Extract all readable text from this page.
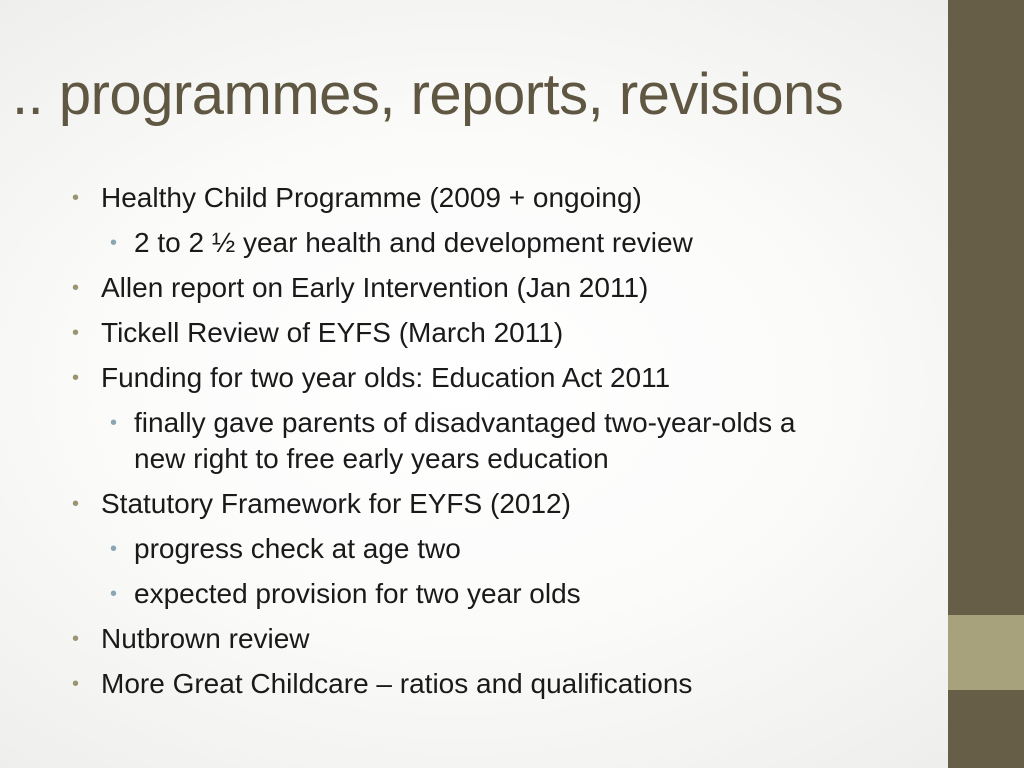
.. programmes, reports, revisions
• Healthy Child Programme (2009 + ongoing)
• 2 to 2 ½ year health and development review
• Allen report on Early Intervention (Jan 2011)
• Tickell Review of EYFS (March 2011)
• Funding for two year olds: Education Act 2011
• finally gave parents of disadvantaged two-year-olds a new right to free early years education
• Statutory Framework for EYFS (2012)
• progress check at age two
• expected provision for two year olds
• Nutbrown review
• More Great Childcare – ratios and qualifications
